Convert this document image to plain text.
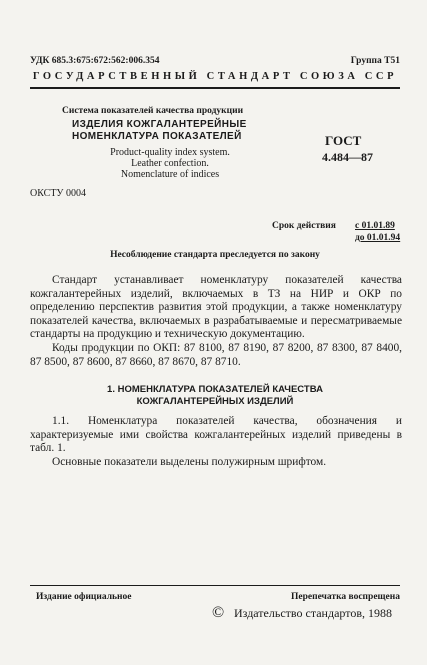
УДК 685.3:675:672:562:006.354	Группа Т51
ГОСУДАРСТВЕННЫЙ СТАНДАРТ СОЮЗА ССР
Система показателей качества продукции
ИЗДЕЛИЯ КОЖГАЛАНТЕРЕЙНЫЕ
НОМЕНКЛАТУРА ПОКАЗАТЕЛЕЙ
Product-quality index system.
Leather confection.
Nomenclature of indices
ГОСТ
4.484—87
ОКСТУ 0004
Срок действия с 01.01.89
до 01.01.94
Несоблюдение стандарта преследуется по закону

Стандарт устанавливает номенклатуру показателей качества кожгалантерейных изделий, включаемых в ТЗ на НИР и ОКР по определению перспектив развития этой продукции, а также номенклатуру показателей качества, включаемых в разрабатываемые и пересматриваемые стандарты на продукцию и техническую документацию.

Коды продукции по ОКП: 87 8100, 87 8190, 87 8200, 87 8300, 87 8400, 87 8500, 87 8600, 87 8660, 87 8670, 87 8710.

1. НОМЕНКЛАТУРА ПОКАЗАТЕЛЕЙ КАЧЕСТВА
КОЖГАЛАНТЕРЕЙНЫХ ИЗДЕЛИЙ

1.1. Номенклатура показателей качества, обозначения и характеризуемые ими свойства кожгалантерейных изделий приведены в табл. 1.

Основные показатели выделены полужирным шрифтом.

Издание официальное	Перепечатка воспрещена
© Издательство стандартов, 1988
